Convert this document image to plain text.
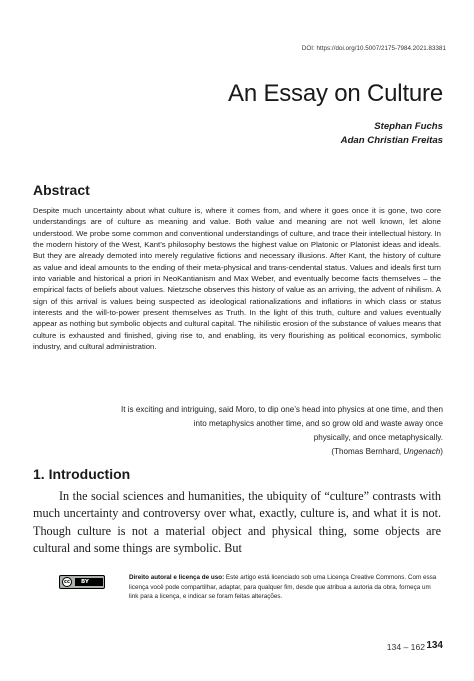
DOI: https://doi.org/10.5007/2175-7984.2021.83381
An Essay on Culture
Stephan Fuchs
Adan Christian Freitas
Abstract

Despite much uncertainty about what culture is, where it comes from, and where it goes once it is gone, two core understandings are of culture as meaning and value. Both value and meaning are not well known, let alone understood. We probe some common and conventional understandings of culture, and trace their intellectual history. In the modern history of the West, Kant’s philosophy bestows the highest value on Platonic or Platonist ideas and ideals. But they are already demoted into merely regulative fictions and necessary illusions. After Kant, the history of culture as value and ideal amounts to the ending of their meta-physical and trans-cendental status. Values and ideals first turn into variable and historical a priori in NeoKantianism and Max Weber, and eventually become facts themselves – the empirical facts of beliefs about values. Nietzsche observes this history of value as an arriving, the advent of nihilism. A sign of this arrival is values being suspected as ideological rationalizations and inflations in which class or status interests and the will-to-power present themselves as Truth. In the light of this truth, culture and values eventually appear as nothing but symbolic objects and cultural capital. The nihilistic erosion of the substance of values means that culture is exhausted and finished, giving rise to, and enabling, its very flourishing as political economics, symbolic industry, and cultural administration.

It is exciting and intriguing, said Moro, to dip one’s head into physics at one time, and then
into metaphysics another time, and so grow old and waste away once
physically, and once metaphysically.
(Thomas Bernhard, Ungenach)
1. Introduction

In the social sciences and humanities, the ubiquity of “culture” contrasts with much uncertainty and controversy over what, exactly, culture is, and what it is not. Though culture is not a material object and physical thing, some objects are cultural and some things are symbolic. But

cc	BY

Direito autoral e licença de uso: Este artigo está licenciado sob uma Licença Creative Commons. Com essa licença você pode compartilhar, adaptar, para qualquer fim, desde que atribua a autoria da obra, forneça um link para a licença, e indicar se foram feitas alterações.

134 – 162 134
